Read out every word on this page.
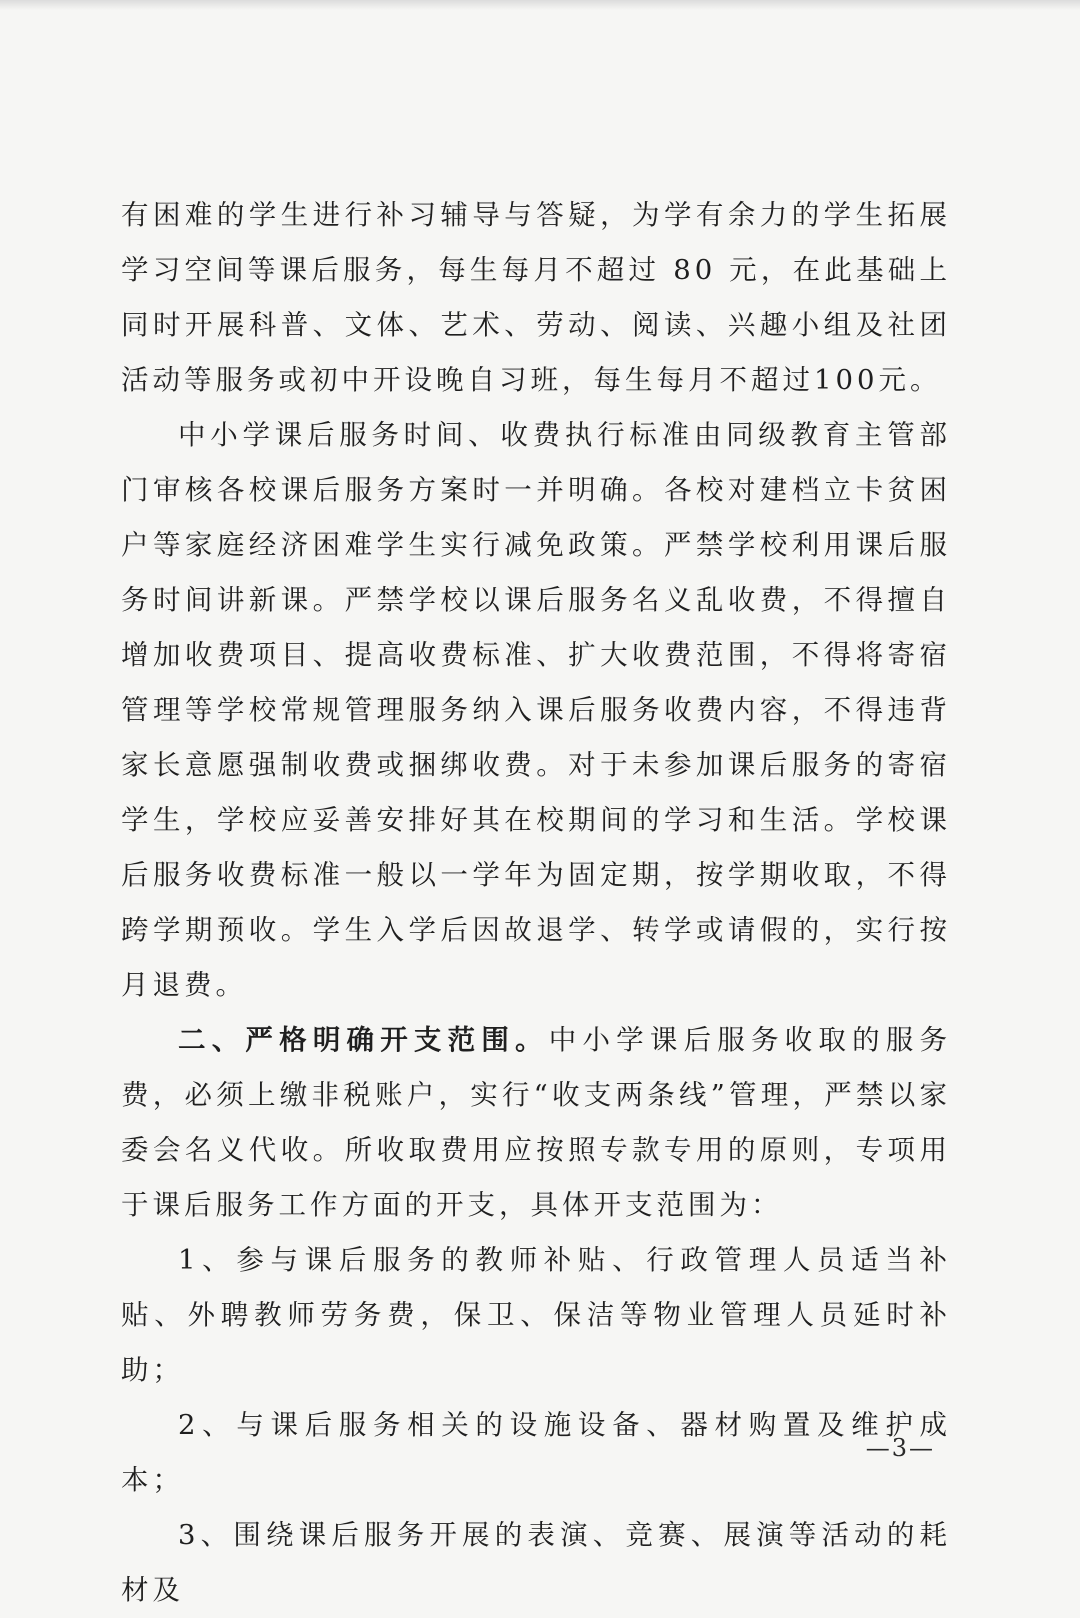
有困难的学生进行补习辅导与答疑，为学有余力的学生拓展学习空间等课后服务，每生每月不超过 80 元，在此基础上同时开展科普、文体、艺术、劳动、阅读、兴趣小组及社团活动等服务或初中开设晚自习班，每生每月不超过100元。

中小学课后服务时间、收费执行标准由同级教育主管部门审核各校课后服务方案时一并明确。各校对建档立卡贫困户等家庭经济困难学生实行减免政策。严禁学校利用课后服务时间讲新课。严禁学校以课后服务名义乱收费，不得擅自增加收费项目、提高收费标准、扩大收费范围，不得将寄宿管理等学校常规管理服务纳入课后服务收费内容，不得违背家长意愿强制收费或捆绑收费。对于未参加课后服务的寄宿学生，学校应妥善安排好其在校期间的学习和生活。学校课后服务收费标准一般以一学年为固定期，按学期收取，不得跨学期预收。学生入学后因故退学、转学或请假的，实行按月退费。

二、严格明确开支范围。中小学课后服务收取的服务费，必须上缴非税账户，实行“收支两条线”管理，严禁以家委会名义代收。所收取费用应按照专款专用的原则，专项用于课后服务工作方面的开支，具体开支范围为：

1、参与课后服务的教师补贴、行政管理人员适当补贴、外聘教师劳务费，保卫、保洁等物业管理人员延时补助；

2、与课后服务相关的设施设备、器材购置及维护成本；

3、围绕课后服务开展的表演、竞赛、展演等活动的耗材及

—3—
